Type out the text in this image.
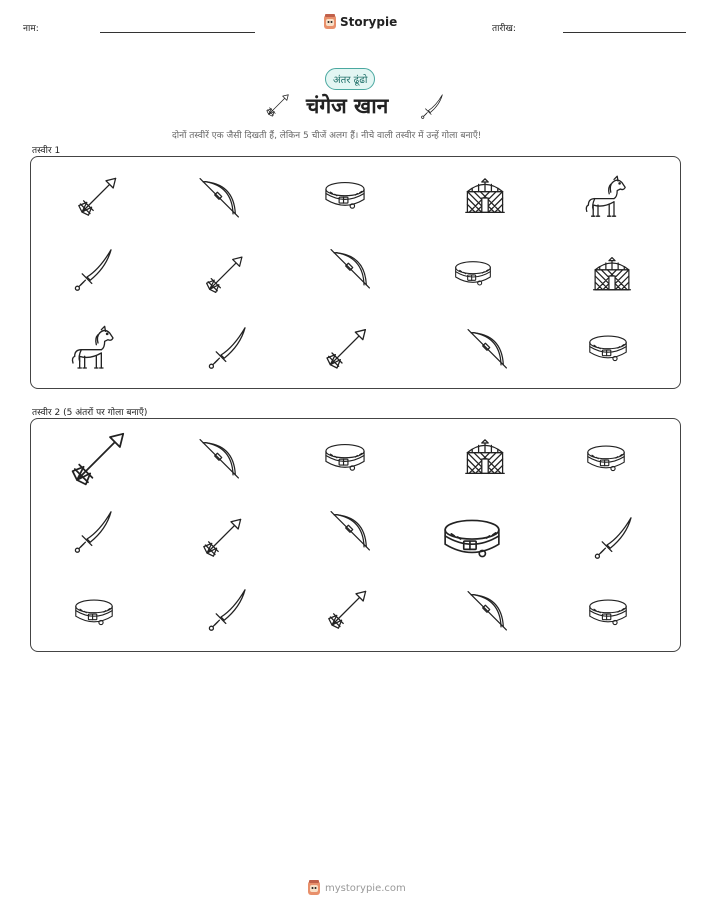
नाम:	Storypie	तारीख:
अंतर ढूंढो
चंगेज खान
दोनों तस्वीरें एक जैसी दिखती हैं, लेकिन 5 चीजें अलग हैं। नीचे वाली तस्वीर में उन्हें गोला बनाएँ!
तस्वीर 1
तस्वीर 2 (5 अंतरों पर गोला बनाएँ)
mystorypie.com
